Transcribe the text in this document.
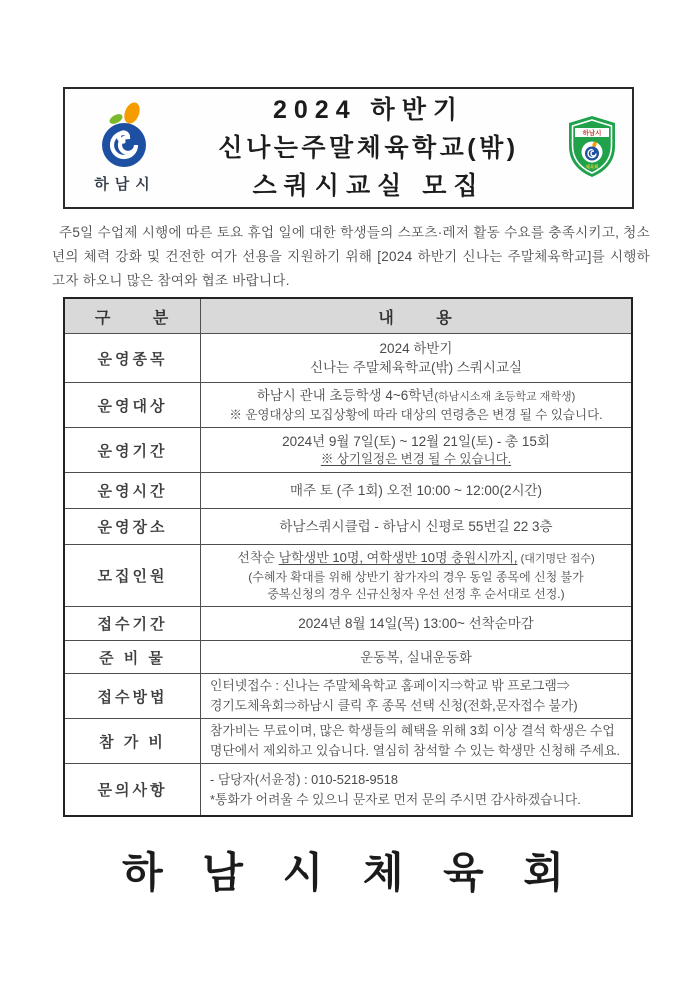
하남시
2024 하반기
신나는주말체육학교(밖)
스쿼시교실 모집
하남시
체육회

주5일 수업제 시행에 따른 토요 휴업 일에 대한 학생들의 스포츠·레저 활동 수요를 충족시키고, 청소년의 체력 강화 및 건전한 여가 선용을 지원하기 위해 [2024 하반기 신나는 주말체육학교]를 시행하고자 하오니 많은 참여와 협조 바랍니다.

구 분	내 용
운영종목	2024 하반기
신나는 주말체육학교(밖) 스쿼시교실

운영대상	하남시 관내 초등학생 4~6학년(하남시소재 초등학교 재학생)
※ 운영대상의 모집상황에 따라 대상의 연령층은 변경 될 수 있습니다.

운영기간	2024년 9월 7일(토) ~ 12월 21일(토) - 총 15회
※ 상기일정은 변경 될 수 있습니다.

운영시간	매주 토 (주 1회) 오전 10:00 ~ 12:00(2시간)
운영장소	하남스쿼시클럽 - 하남시 신평로 55번길 22 3층
모집인원	선착순 남학생반 10명, 여학생반 10명 충원시까지, (대기명단 접수)
(수혜자 확대를 위해 상반기 참가자의 경우 동일 종목에 신청 불가
중복신청의 경우 신규신청자 우선 선정 후 순서대로 선정.)

접수기간	2024년 8월 14일(목) 13:00~ 선착순마감
준 비 물	운동복, 실내운동화
접수방법	인터넷접수 : 신나는 주말체육학교 홈페이지⇒학교 밖 프로그램⇒
경기도체육회⇒하남시 클릭 후 종목 선택 신청(전화,문자접수 불가)

참 가 비	참가비는 무료이며, 많은 학생들의 혜택을 위해 3회 이상 결석 학생은 수업
명단에서 제외하고 있습니다. 열심히 참석할 수 있는 학생만 신청해 주세요.

문의사항	- 담당자(서윤정) : 010-5218-9518
*통화가 어려울 수 있으니 문자로 먼저 문의 주시면 감사하겠습니다.
하 남 시 체 육 회
